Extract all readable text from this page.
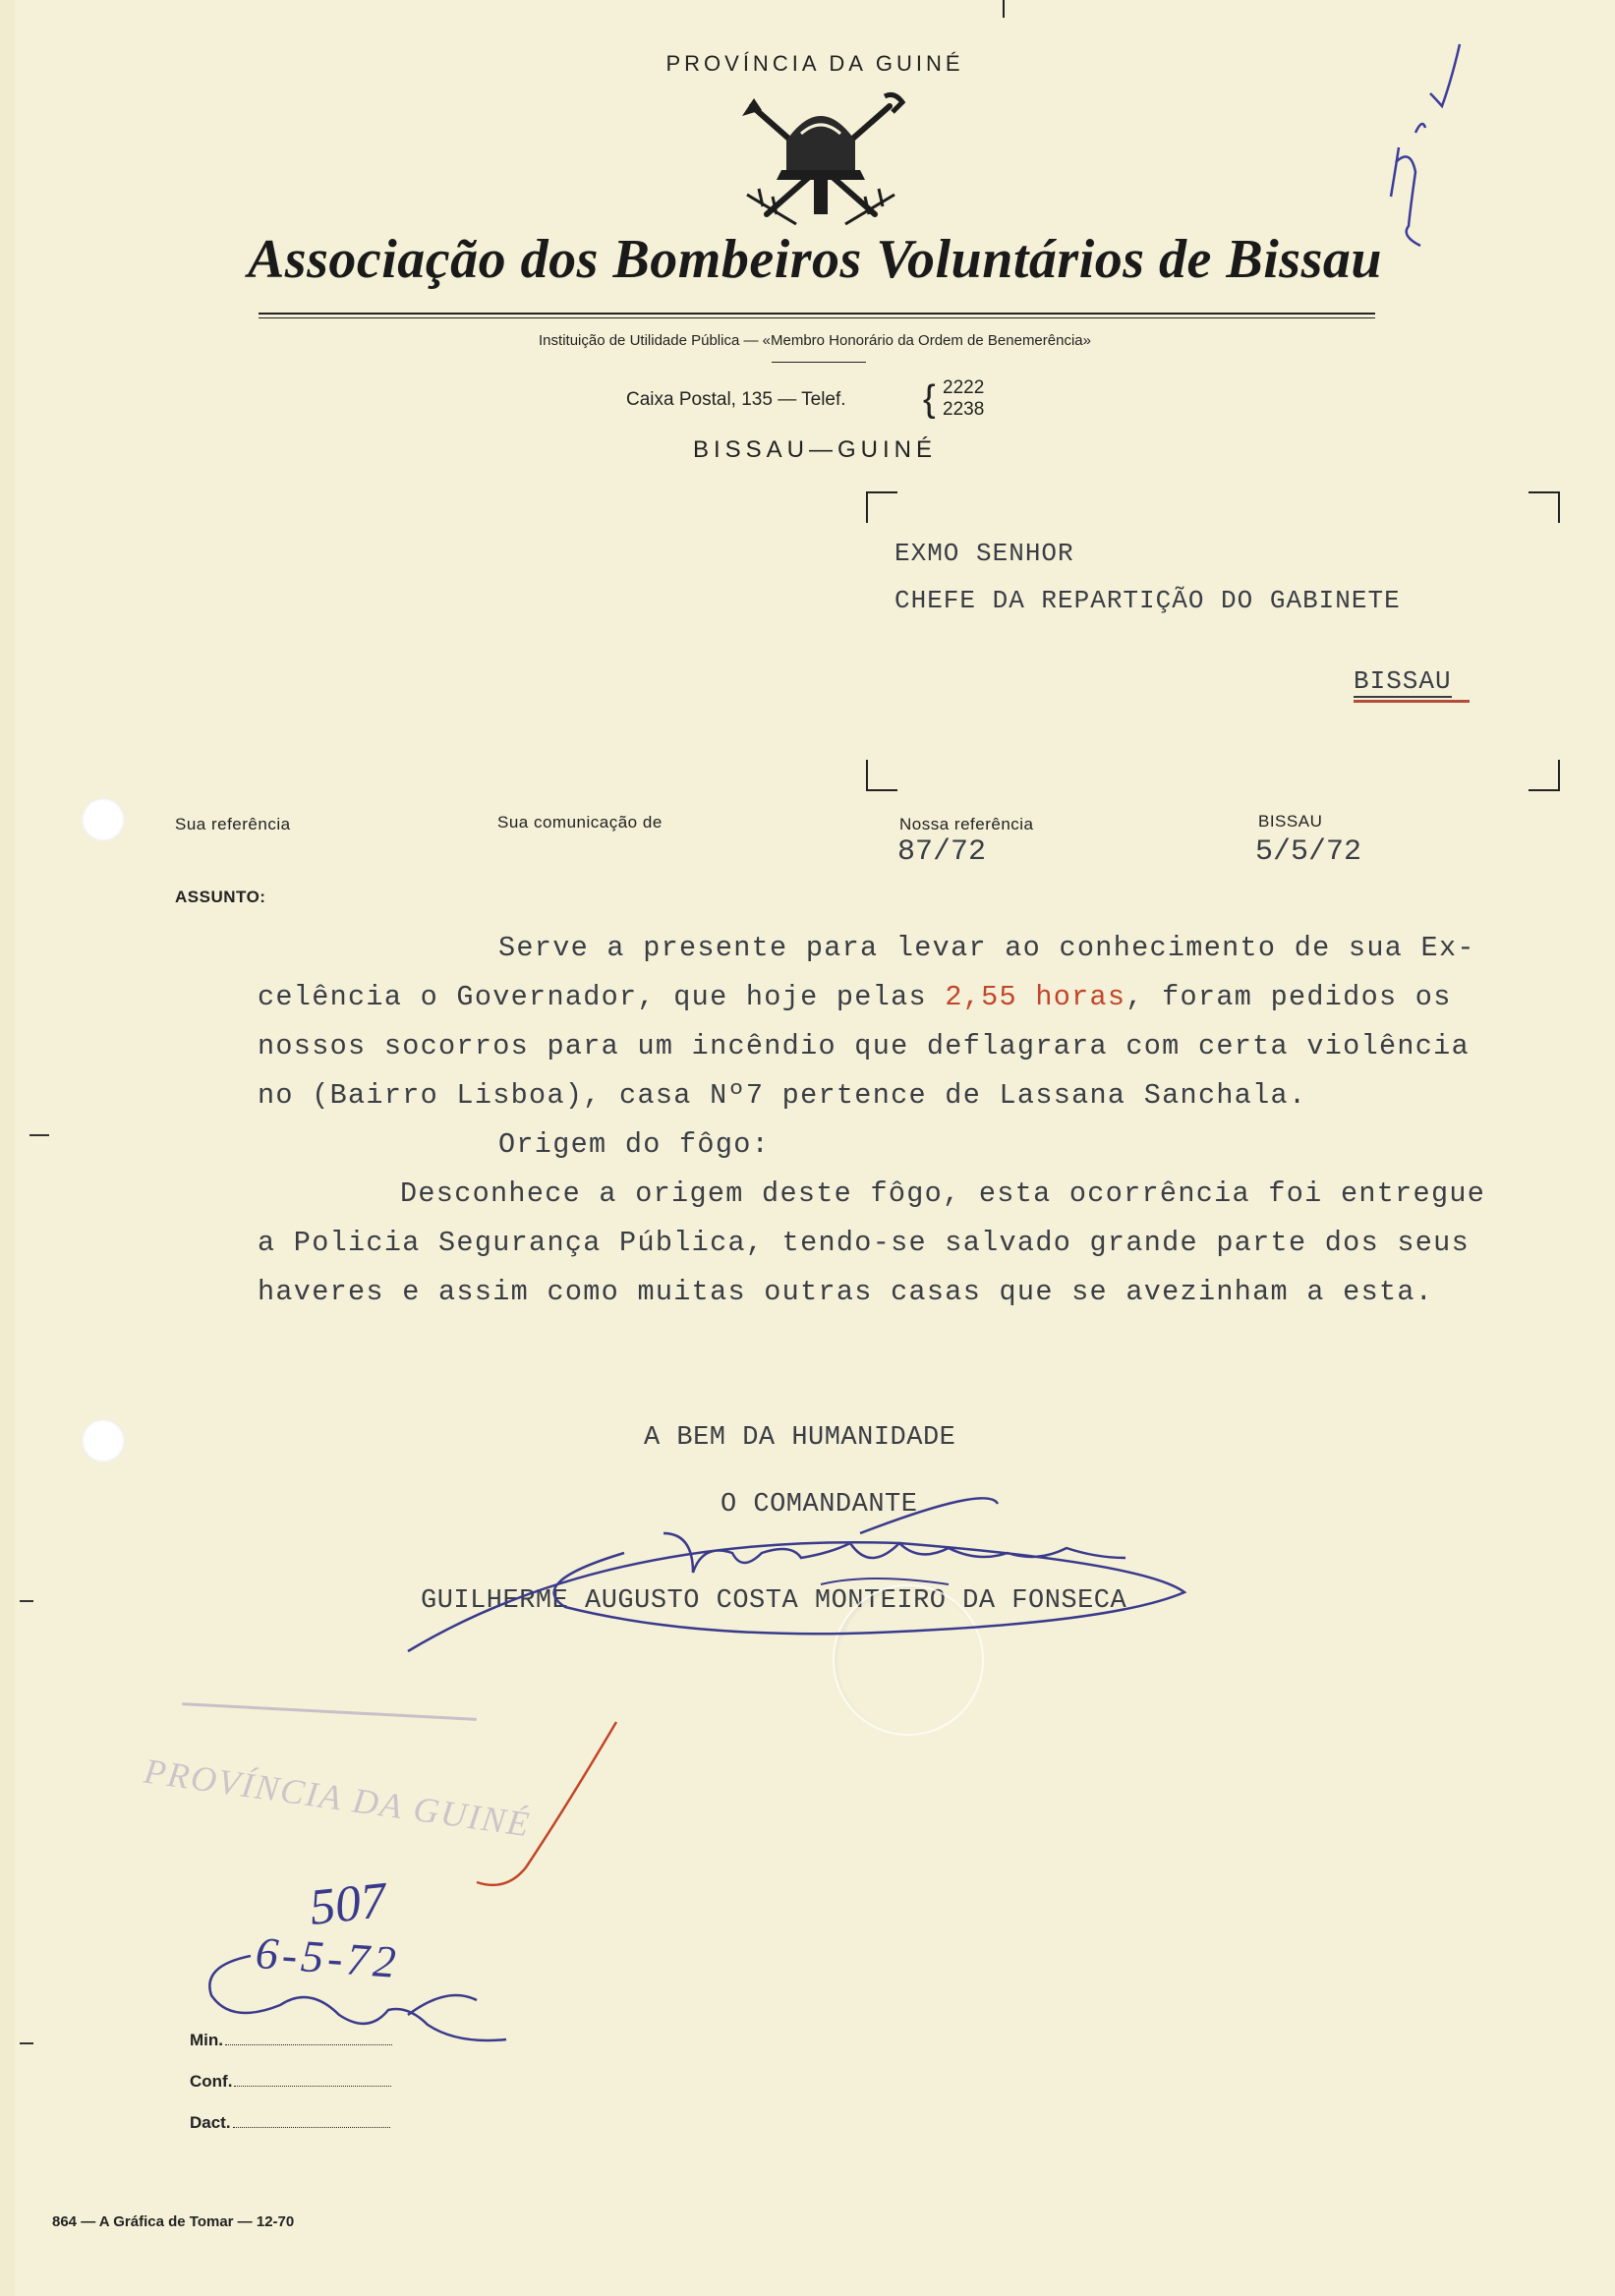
PROVÍNCIA DA GUINÉ
Associação dos Bombeiros Voluntários de Bissau
Instituição de Utilidade Pública — «Membro Honorário da Ordem de Benemerência»
Caixa Postal, 135 — Telef. { 2222
2238
BISSAU—GUINÉ
EXMO SENHOR
CHEFE DA REPARTIÇÃO DO GABINETE
BISSAU
Sua referência	Sua comunicação de	Nossa referência
87/72
BISSAU
5/5/72
ASSUNTO:
Serve a presente para levar ao conhecimento de sua Ex-
celência o Governador, que hoje pelas 2,55 horas, foram pedidos os
nossos socorros para um incêndio que deflagrara com certa violência
no (Bairro Lisboa), casa Nº7 pertence de Lassana Sanchala.
Origem do fôgo:
Desconhece a origem deste fôgo, esta ocorrência foi entregue
a Policia Segurança Pública, tendo-se salvado grande parte dos seus
haveres e assim como muitas outras casas que se avezinham a esta.
A BEM DA HUMANIDADE
O COMANDANTE
GUILHERME AUGUSTO COSTA MONTEIRO DA FONSECA
PROVÍNCIA DA GUINÉ
507
6-5-72
Min.
Conf.
Dact.
864 — A Gráfica de Tomar — 12-70
